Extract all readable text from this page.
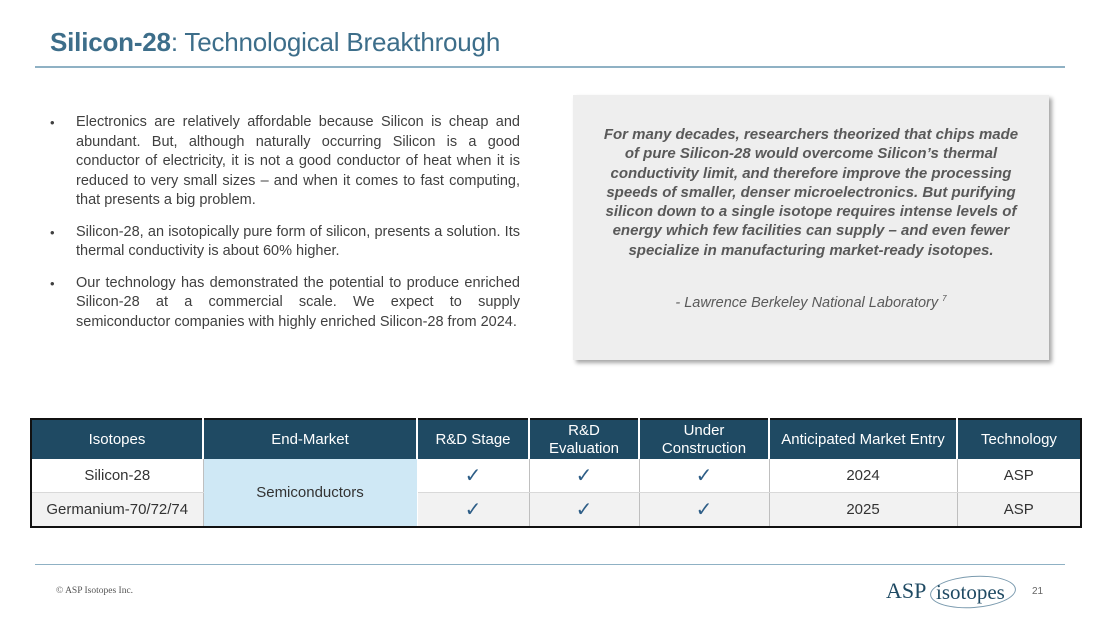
Silicon-28: Technological Breakthrough
• Electronics are relatively affordable because Silicon is cheap and abundant. But, although naturally occurring Silicon is a good conductor of electricity, it is not a good conductor of heat when it is reduced to very small sizes – and when it comes to fast computing, that presents a big problem.
• Silicon-28, an isotopically pure form of silicon, presents a solution. Its thermal conductivity is about 60% higher.
• Our technology has demonstrated the potential to produce enriched Silicon-28 at a commercial scale. We expect to supply semiconductor companies with highly enriched Silicon-28 from 2024.
For many decades, researchers theorized that chips made of pure Silicon-28 would overcome Silicon’s thermal conductivity limit, and therefore improve the processing speeds of smaller, denser microelectronics. But purifying silicon down to a single isotope requires intense levels of energy which few facilities can supply – and even fewer specialize in manufacturing market-ready isotopes.
- Lawrence Berkeley National Laboratory $^7$
Isotopes	End-Market	R&D Stage	R&D Evaluation	Under Construction	Anticipated Market Entry	Technology
Silicon-28	Semiconductors	✓	✓	✓	2024	ASP
Germanium-70/72/74		✓	✓	✓	2025	ASP
© ASP Isotopes Inc.	ASP isotopes	21
